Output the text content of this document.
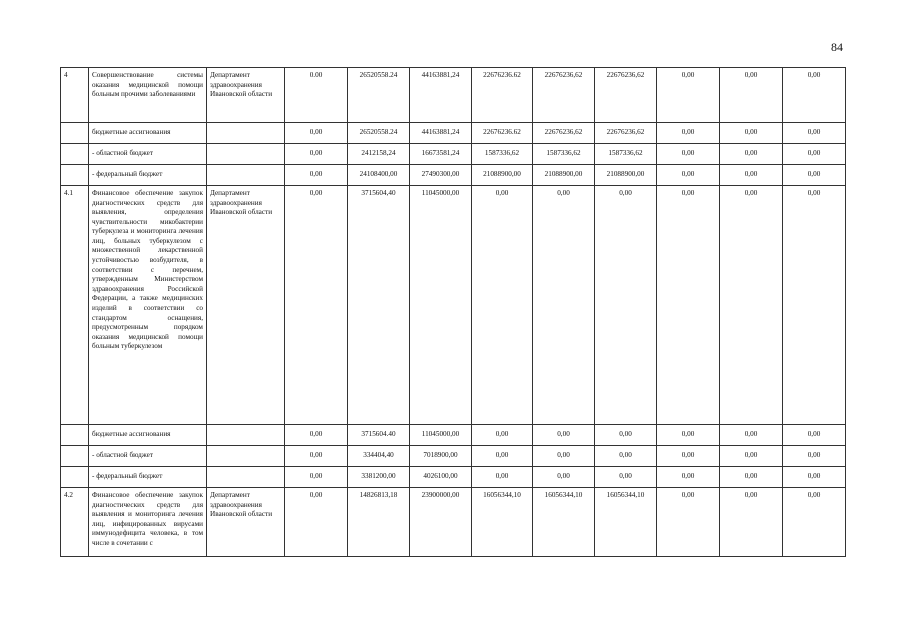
84
4	Совершенствование системы оказания медицинской помощи больным прочими заболеваниями	Департамент здравоохранения Ивановской области	0.00	26520558.24	44163881,24	22676236.62	22676236,62	22676236,62	0,00	0,00	0,00
	бюджетные ассигнования		0,00	26520558.24	44163881,24	22676236.62	22676236,62	22676236,62	0,00	0,00	0,00
	- областной бюджет		0,00	2412158,24	16673581,24	1587336,62	1587336,62	1587336,62	0,00	0,00	0,00
	- федеральный бюджет		0,00	24108400,00	27490300,00	21088900,00	21088900,00	21088900,00	0,00	0,00	0,00
4.1	Финансовое обеспечение закупок диагностических средств для выявления, определения чувствительности микобактерии туберкулеза и мониторинга лечения лиц, больных туберкулезом с множественной лекарственной устойчивостью возбудителя, в соответствии с перечнем, утвержденным Министерством здравоохранения Российской Федерации, а также медицинских изделий в соответствии со стандартом оснащения, предусмотренным порядком оказания медицинской помощи больным туберкулезом	Департамент здравоохранения Ивановской области	0,00	3715604,40	11045000,00	0,00	0,00	0,00	0,00	0,00	0,00
	бюджетные ассигнования		0,00	3715604.40	11045000,00	0,00	0,00	0,00	0,00	0,00	0,00
	- областной бюджет		0,00	334404,40	7018900,00	0,00	0,00	0,00	0,00	0,00	0,00
	- федеральный бюджет		0,00	3381200,00	4026100,00	0,00	0,00	0,00	0,00	0,00	0,00
4.2	Финансовое обеспечение закупок диагностических средств для выявления и мониторинга лечения лиц, инфицированных вирусами иммунодефицита человека, в том числе в сочетании с	Департамент здравоохранения Ивановской области	0,00	14826813,18	23900000,00	16056344,10	16056344,10	16056344,10	0,00	0,00	0,00
